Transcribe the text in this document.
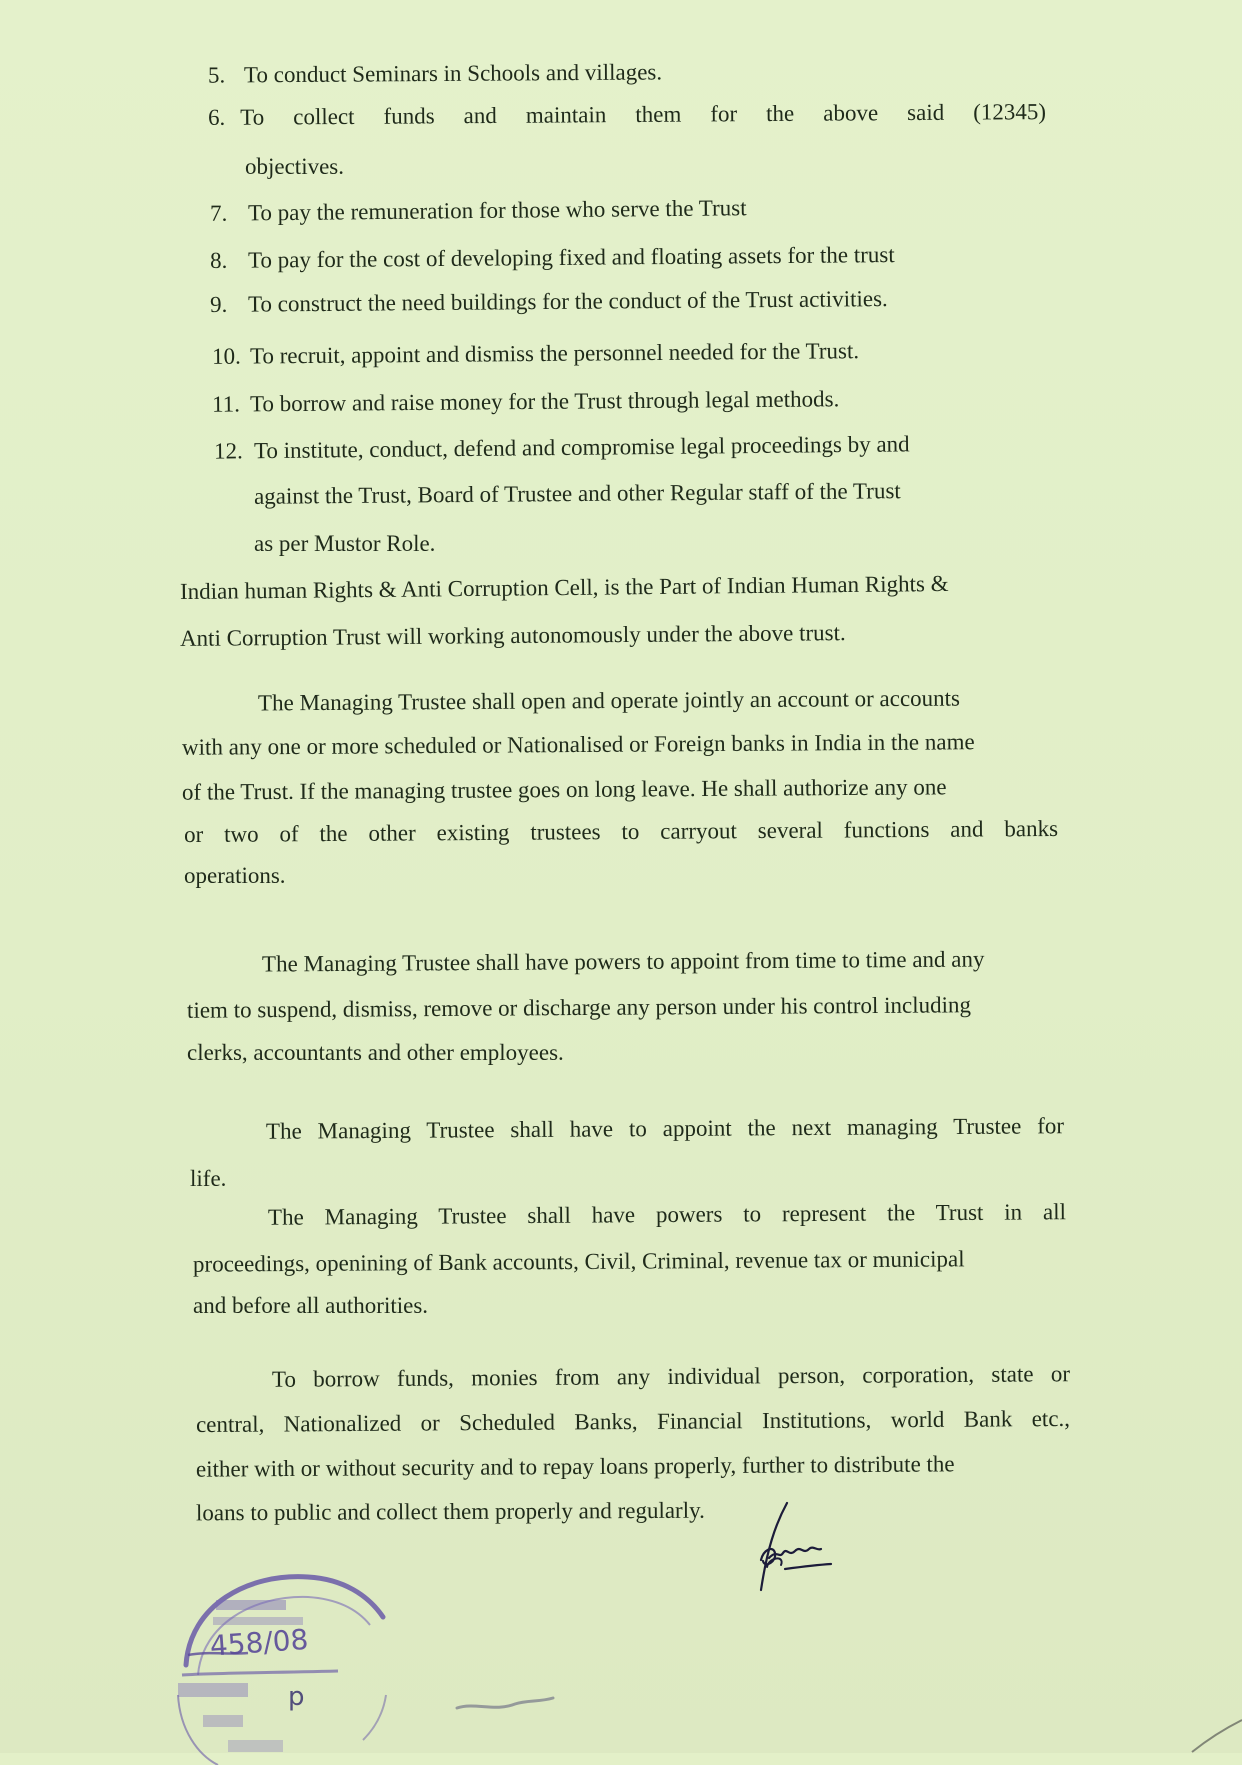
5. To conduct Seminars in Schools and villages.
6. To collect funds and maintain them for the above said (12345)
objectives.
7. To pay the remuneration for those who serve the Trust
8. To pay for the cost of developing fixed and floating assets for the trust
9. To construct the need buildings for the conduct of the Trust activities.
10. To recruit, appoint and dismiss the personnel needed for the Trust.
11. To borrow and raise money for the Trust through legal methods.
12. To institute, conduct, defend and compromise legal proceedings by and
against the Trust, Board of Trustee and other Regular staff of the Trust
as per Mustor Role.
Indian human Rights & Anti Corruption Cell, is the Part of Indian Human Rights &
Anti Corruption Trust will working autonomously under the above trust.
The Managing Trustee shall open and operate jointly an account or accounts
with any one or more scheduled or Nationalised or Foreign banks in India in the name
of the Trust. If the managing trustee goes on long leave. He shall authorize any one
or two of the other existing trustees to carryout several functions and banks
operations.
The Managing Trustee shall have powers to appoint from time to time and any
tiem to suspend, dismiss, remove or discharge any person under his control including
clerks, accountants and other employees.
The Managing Trustee shall have to appoint the next managing Trustee for
life.
The Managing Trustee shall have powers to represent the Trust in all
proceedings, openining of Bank accounts, Civil, Criminal, revenue tax or municipal
and before all authorities.
To borrow funds, monies from any individual person, corporation, state or
central, Nationalized or Scheduled Banks, Financial Institutions, world Bank etc.,
either with or without security and to repay loans properly, further to distribute the
loans to public and collect them properly and regularly.
458/08
p
